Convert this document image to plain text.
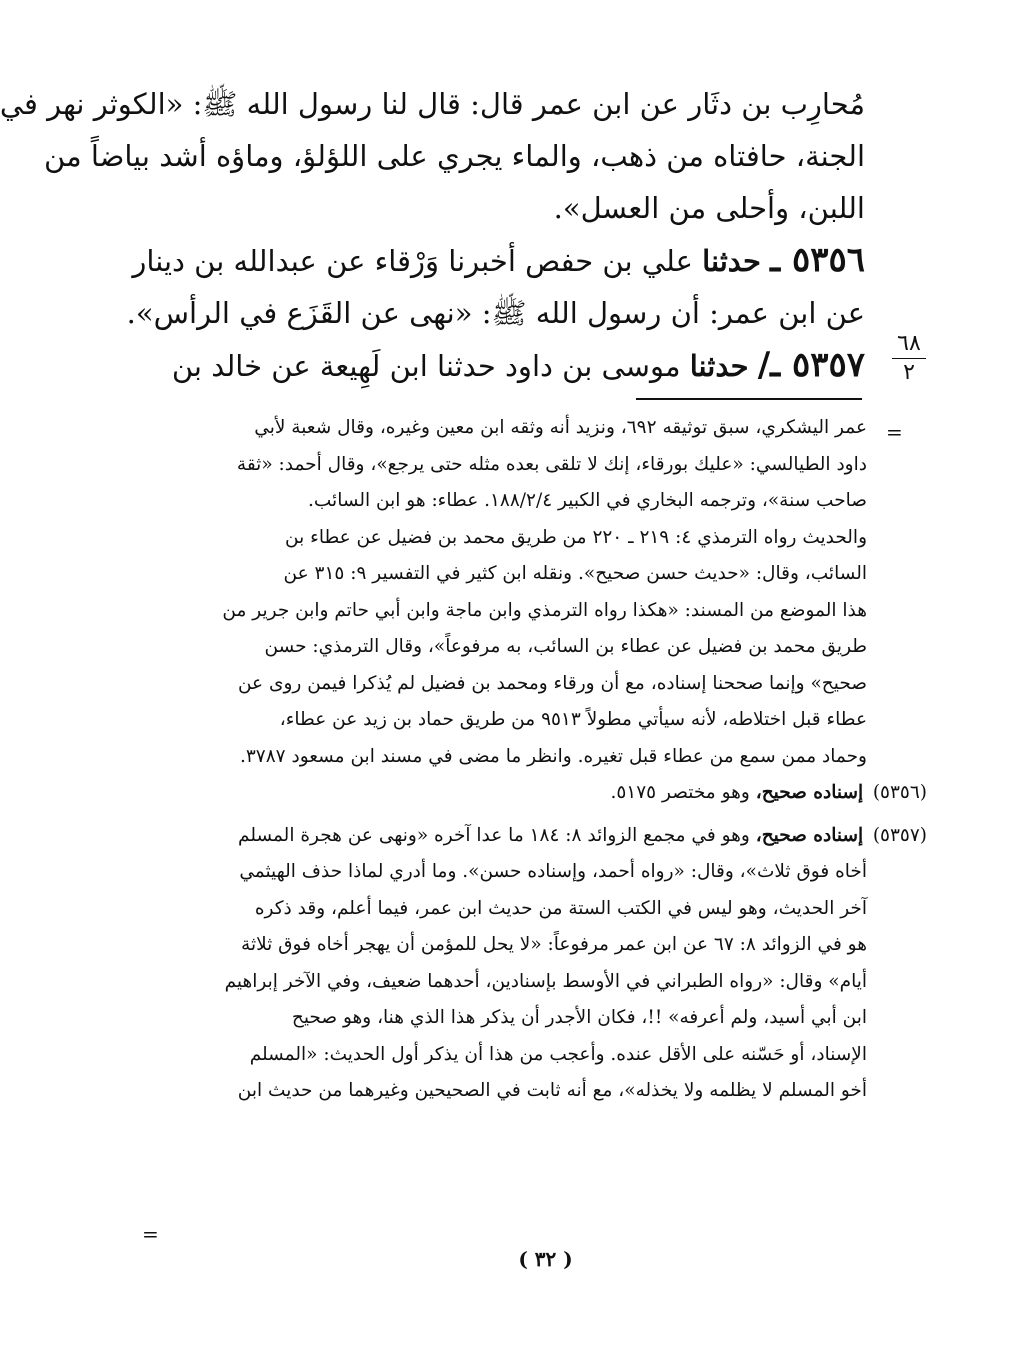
مُحارِب بن دثَار عن ابن عمر قال: قال لنا رسول الله ﷺ: «الكوثر نهر في
الجنة، حافتاه من ذهب، والماء يجري على اللؤلؤ، وماؤه أشد بياضاً من
اللبن، وأحلى من العسل».
٥٣٥٦ ـ حدثنا علي بن حفص أخبرنا وَرْقاء عن عبدالله بن دينار
عن ابن عمر: أن رسول الله ﷺ: «نهى عن القَزَع في الرأس».
٥٣٥٧ ـ/ حدثنا موسى بن داود حدثنا ابن لَهِيعة عن خالد بن
٦٨
٢
=
عمر اليشكري، سبق توثيقه ٦٩٢، ونزيد أنه وثقه ابن معين وغيره، وقال شعبة لأبي
داود الطيالسي: «عليك بورقاء، إنك لا تلقى بعده مثله حتى يرجع»، وقال أحمد: «ثقة
صاحب سنة»، وترجمه البخاري في الكبير ١٨٨/٢/٤. عطاء: هو ابن السائب.
والحديث رواه الترمذي ٤: ٢١٩ ـ ٢٢٠ من طريق محمد بن فضيل عن عطاء بن
السائب، وقال: «حديث حسن صحيح». ونقله ابن كثير في التفسير ٩: ٣١٥ عن
هذا الموضع من المسند: «هكذا رواه الترمذي وابن ماجة وابن أبي حاتم وابن جرير من
طريق محمد بن فضيل عن عطاء بن السائب، به مرفوعاً»، وقال الترمذي: حسن
صحيح» وإنما صححنا إسناده، مع أن ورقاء ومحمد بن فضيل لم يُذكرا فيمن روى عن
عطاء قبل اختلاطه، لأنه سيأتي مطولاً ٩٥١٣ من طريق حماد بن زيد عن عطاء،
وحماد ممن سمع من عطاء قبل تغيره. وانظر ما مضى في مسند ابن مسعود ٣٧٨٧.
(٥٣٥٦) إسناده صحيح، وهو مختصر ٥١٧٥.
(٥٣٥٧) إسناده صحيح، وهو في مجمع الزوائد ٨: ١٨٤ ما عدا آخره «ونهى عن هجرة المسلم
أخاه فوق ثلاث»، وقال: «رواه أحمد، وإسناده حسن». وما أدري لماذا حذف الهيثمي
آخر الحديث، وهو ليس في الكتب الستة من حديث ابن عمر، فيما أعلم، وقد ذكره
هو في الزوائد ٨: ٦٧ عن ابن عمر مرفوعاً: «لا يحل للمؤمن أن يهجر أخاه فوق ثلاثة
أيام» وقال: «رواه الطبراني في الأوسط بإسنادين، أحدهما ضعيف، وفي الآخر إبراهيم
ابن أبي أسيد، ولم أعرفه» !!، فكان الأجدر أن يذكر هذا الذي هنا، وهو صحيح
الإسناد، أو حَسّنه على الأقل عنده. وأعجب من هذا أن يذكر أول الحديث: «المسلم
أخو المسلم لا يظلمه ولا يخذله»، مع أنه ثابت في الصحيحين وغيرهما من حديث ابن
=
( ٣٢ )
